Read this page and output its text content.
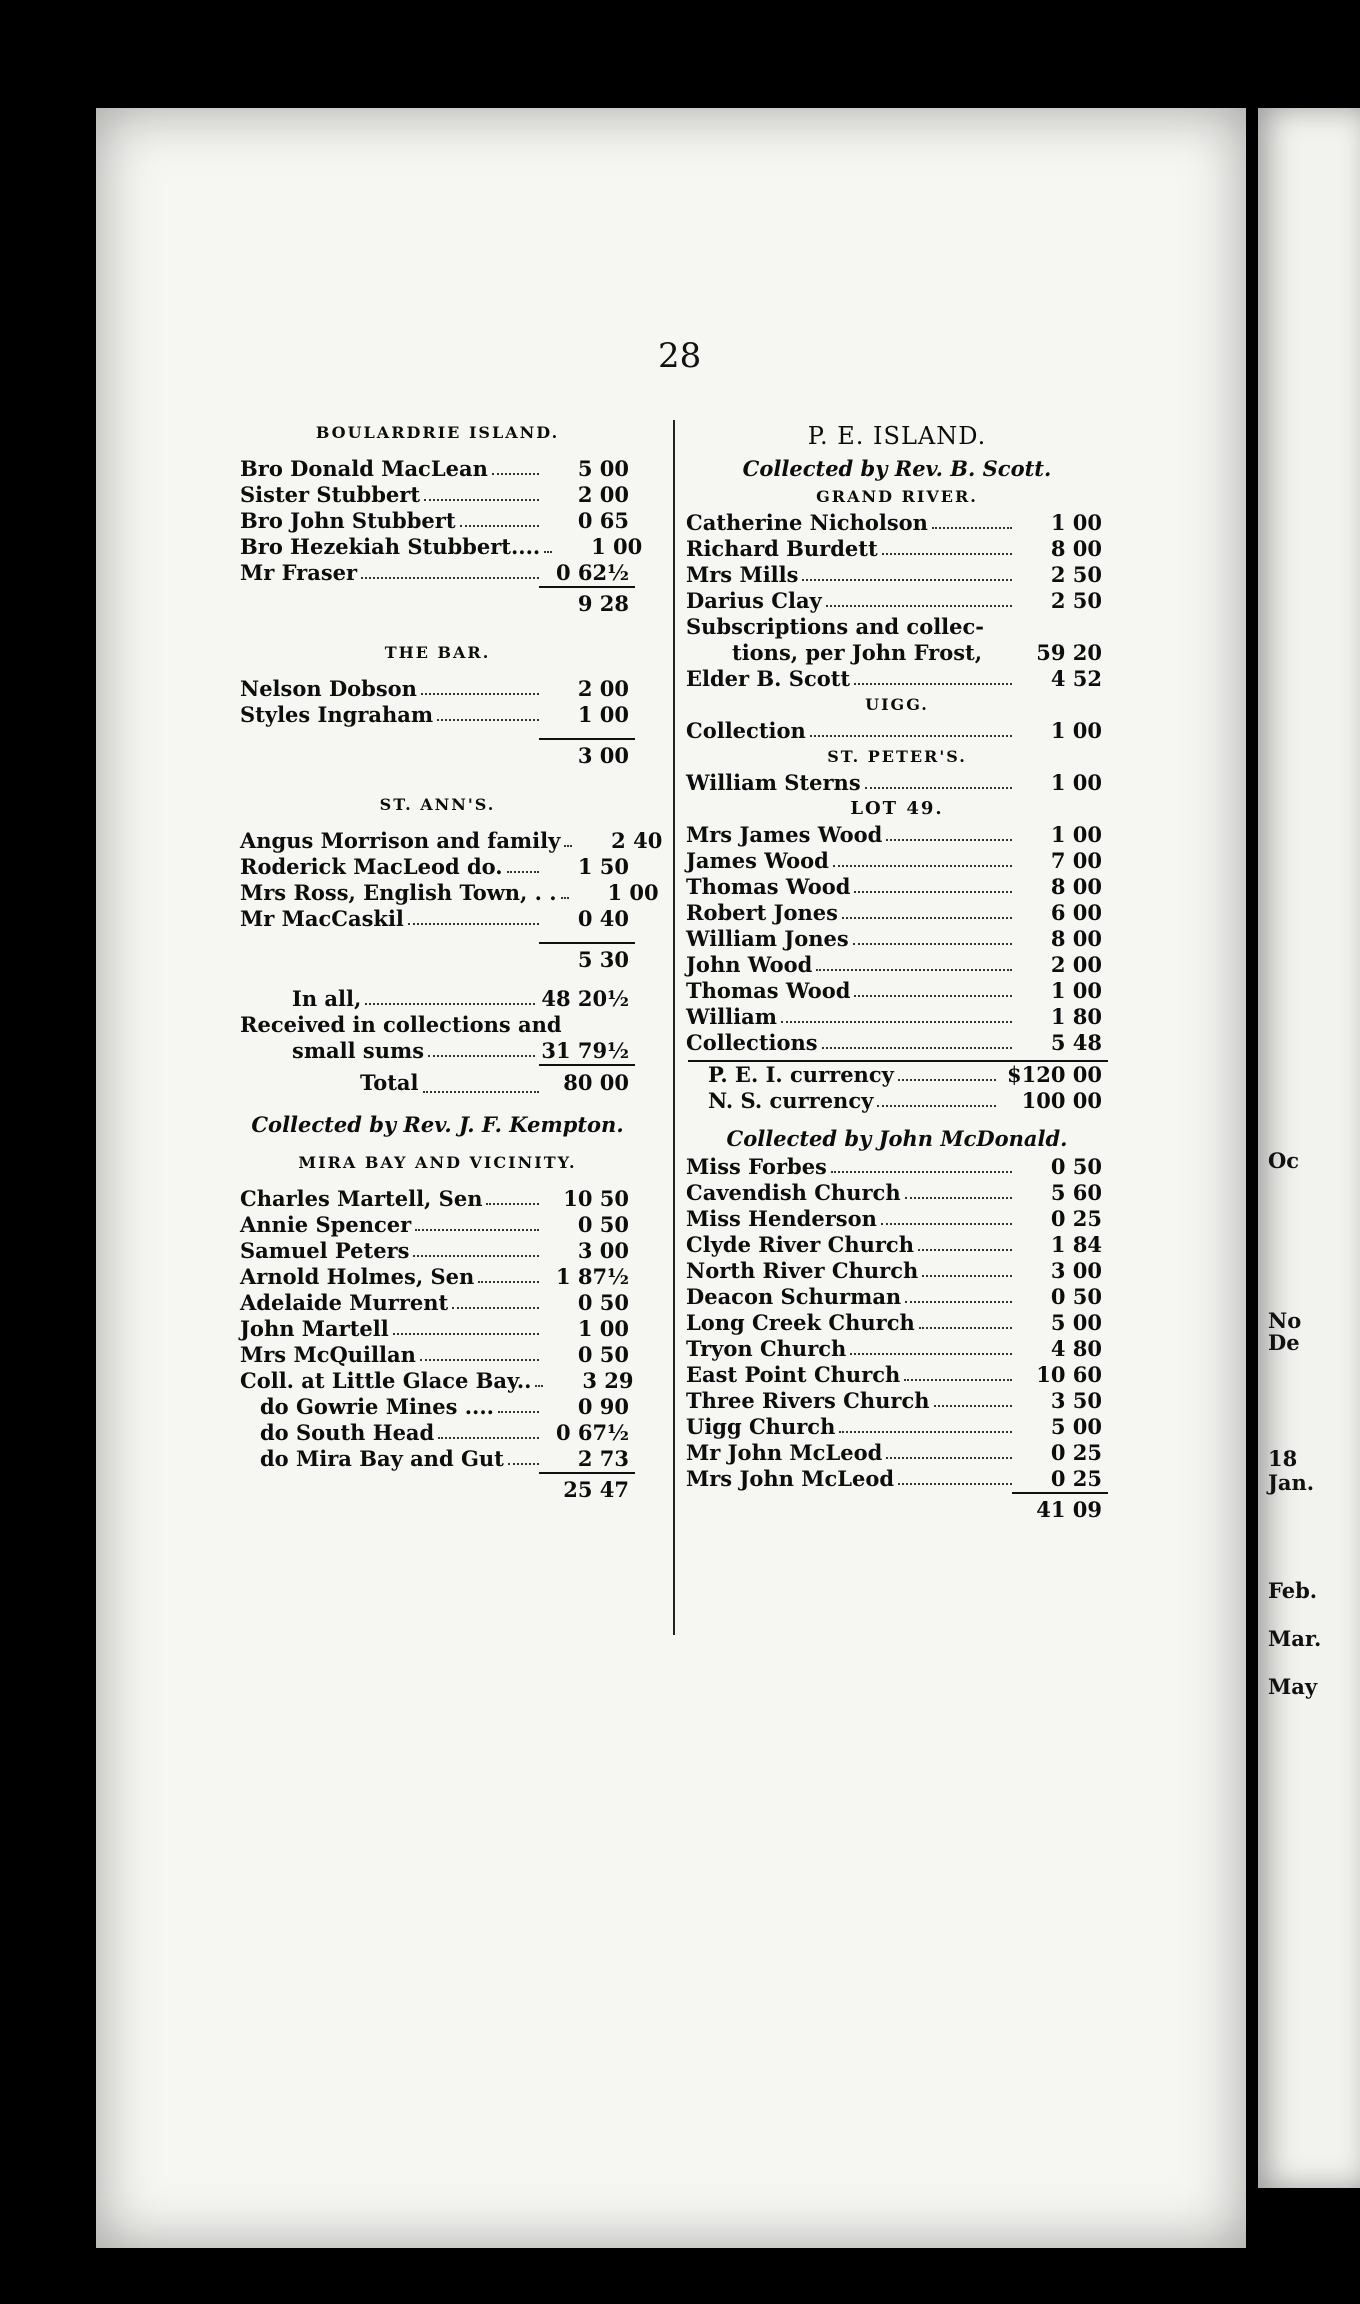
Oc
No
De
18
Jan.
Feb.
Mar.
May
28
BOULARDRIE ISLAND.
Bro Donald MacLean	5 00
Sister Stubbert	2 00
Bro John Stubbert	0 65
Bro Hezekiah Stubbert....	1 00
Mr Fraser	0 62½
9 28
THE BAR.
Nelson Dobson	2 00
Styles Ingraham	1 00
3 00
ST. ANN'S.
Angus Morrison and family	2 40
Roderick MacLeod do.	1 50
Mrs Ross, English Town, . .	1 00
Mr MacCaskil	0 40
5 30
In all,	48 20½
Received in collections and
small sums	31 79½
Total	80 00
Collected by Rev. J. F. Kempton.
MIRA BAY AND VICINITY.
Charles Martell, Sen	10 50
Annie Spencer	0 50
Samuel Peters	3 00
Arnold Holmes, Sen	1 87½
Adelaide Murrent	0 50
John Martell	1 00
Mrs McQuillan	0 50
Coll. at Little Glace Bay..	3 29
do Gowrie Mines ....	0 90
do South Head	0 67½
do Mira Bay and Gut	2 73
25 47
P. E. ISLAND.
Collected by Rev. B. Scott.
GRAND RIVER.
Catherine Nicholson	1 00
Richard Burdett	8 00
Mrs Mills	2 50
Darius Clay	2 50
Subscriptions and collec-
tions, per John Frost,	59 20
Elder B. Scott	4 52
UIGG.
Collection	1 00
ST. PETER'S.
William Sterns	1 00
LOT 49.
Mrs James Wood	1 00
James Wood	7 00
Thomas Wood	8 00
Robert Jones	6 00
William Jones	8 00
John Wood	2 00
Thomas Wood	1 00
William	1 80
Collections	5 48
P. E. I. currency	$120 00
N. S. currency	100 00
Collected by John McDonald.
Miss Forbes	0 50
Cavendish Church	5 60
Miss Henderson	0 25
Clyde River Church	1 84
North River Church	3 00
Deacon Schurman	0 50
Long Creek Church	5 00
Tryon Church	4 80
East Point Church	10 60
Three Rivers Church	3 50
Uigg Church	5 00
Mr John McLeod	0 25
Mrs John McLeod	0 25
41 09
